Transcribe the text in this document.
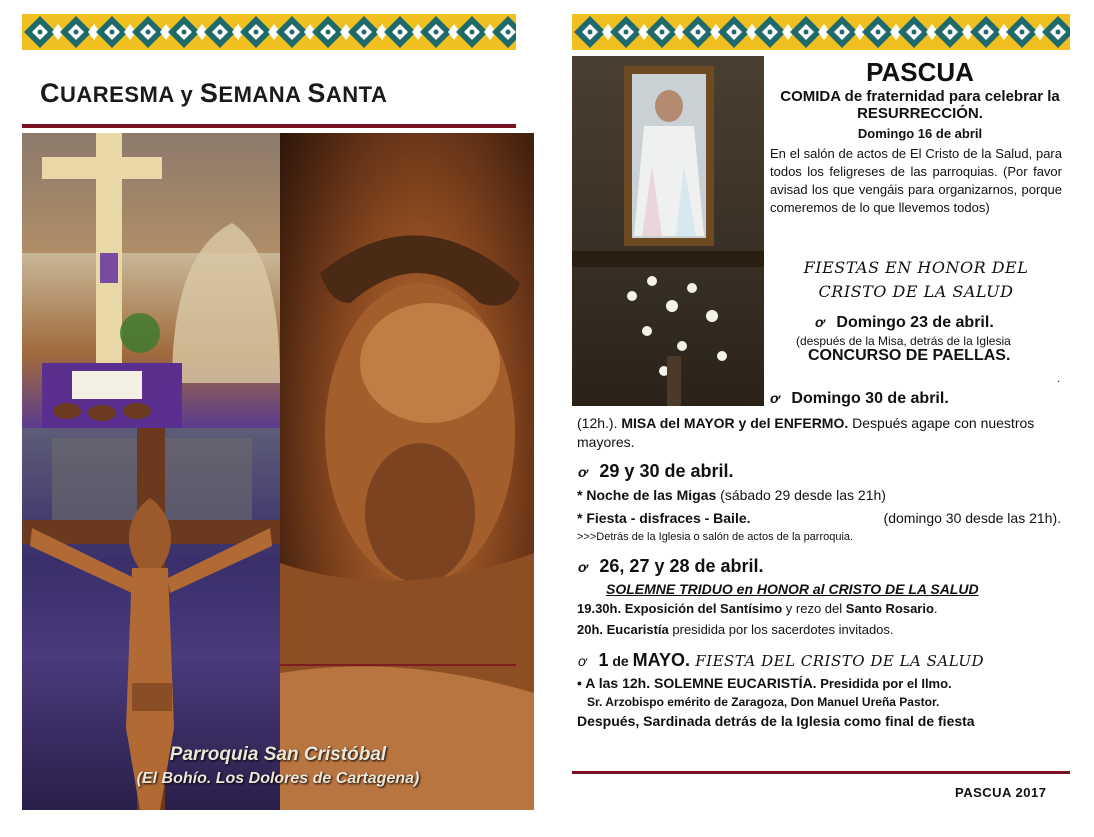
CUARESMA y SEMANA SANTA
Parroquia San Cristóbal
(El Bohío. Los Dolores de Cartagena)
PASCUA
COMIDA de fraternidad para celebrar la RESURRECCIÓN.
Domingo 16 de abril
En el salón de actos de El Cristo de la Salud, para todos los feligreses de las parroquias. (Por favor avisad los que vengáis para organizarnos, porque comeremos de lo que llevemos todos)
FIESTAS EN HONOR DEL CRISTO DE LA SALUD
ơ Domingo 23 de abril.
(después de la Misa, detrás de la Iglesia
CONCURSO DE PAELLAS.
.
ơ Domingo 30 de abril.
(12h.). MISA del MAYOR y del ENFERMO. Después agape con nuestros mayores.
ơ 29 y 30 de abril.
* Noche de las Migas (sábado 29 desde las 21h)
* Fiesta - disfraces - Baile.	(domingo 30 desde las 21h).
>>>Detrás de la Iglesia o salón de actos de la parroquia.
ơ 26, 27 y 28 de abril.
SOLEMNE TRIDUO en HONOR al CRISTO DE LA SALUD
19.30h. Exposición del Santísimo y rezo del Santo Rosario.
20h. Eucaristía presidida por los sacerdotes invitados.
ơ 1 de MAYO. FIESTA DEL CRISTO DE LA SALUD
• A las 12h. SOLEMNE EUCARISTÍA. Presidida por el Ilmo.
Sr. Arzobispo emérito de Zaragoza, Don Manuel Ureña Pastor.
Después, Sardinada detrás de la Iglesia como final de fiesta
PASCUA 2017
